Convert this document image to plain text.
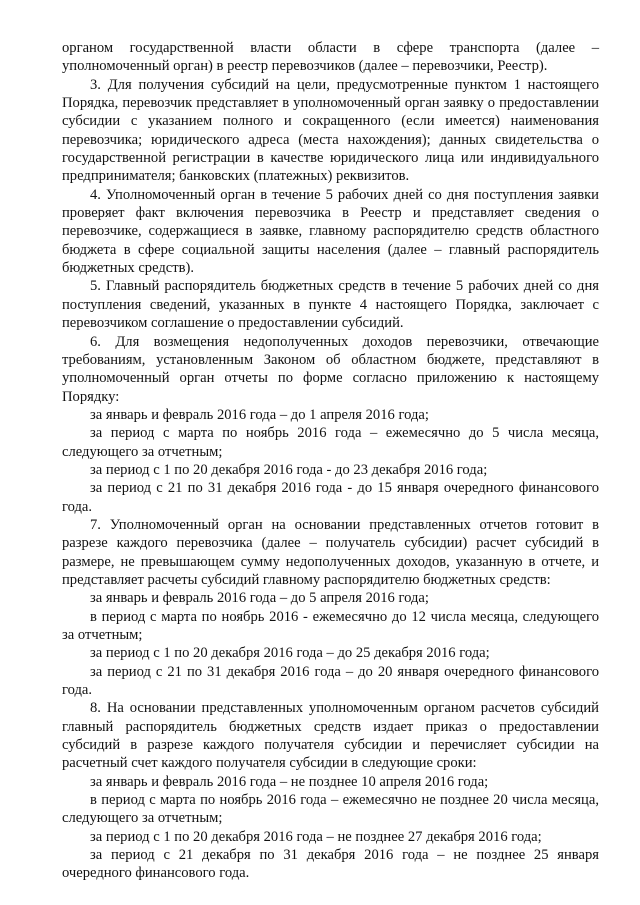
органом государственной власти области в сфере транспорта (далее – уполномоченный орган) в реестр перевозчиков (далее – перевозчики, Реестр).

3. Для получения субсидий на цели, предусмотренные пунктом 1 настоящего Порядка, перевозчик представляет в уполномоченный орган заявку о предоставлении субсидии с указанием полного и сокращенного (если имеется) наименования перевозчика; юридического адреса (места нахождения); данных свидетельства о государственной регистрации в качестве юридического лица или индивидуального предпринимателя; банковских (платежных) реквизитов.

4. Уполномоченный орган в течение 5 рабочих дней со дня поступления заявки проверяет факт включения перевозчика в Реестр и представляет сведения о перевозчике, содержащиеся в заявке, главному распорядителю средств областного бюджета в сфере социальной защиты населения (далее – главный распорядитель бюджетных средств).

5. Главный распорядитель бюджетных средств в течение 5 рабочих дней со дня поступления сведений, указанных в пункте 4 настоящего Порядка, заключает с перевозчиком соглашение о предоставлении субсидий.

6. Для возмещения недополученных доходов перевозчики, отвечающие требованиям, установленным Законом об областном бюджете, представляют в уполномоченный орган отчеты по форме согласно приложению к настоящему Порядку:

за январь и февраль 2016 года – до 1 апреля 2016 года;

за период с марта по ноябрь 2016 года – ежемесячно до 5 числа месяца, следующего за отчетным;

за период с 1 по 20 декабря 2016 года - до 23 декабря 2016 года;

за период с 21 по 31 декабря 2016 года - до 15 января очередного финансового года.

7. Уполномоченный орган на основании представленных отчетов готовит в разрезе каждого перевозчика (далее – получатель субсидии) расчет субсидий в размере, не превышающем сумму недополученных доходов, указанную в отчете, и представляет расчеты субсидий главному распорядителю бюджетных средств:

за январь и февраль 2016 года – до 5 апреля 2016 года;

в период с марта по ноябрь 2016 - ежемесячно до 12 числа месяца, следующего за отчетным;

за период с 1 по 20 декабря 2016 года – до 25 декабря 2016 года;

за период с 21 по 31 декабря 2016 года – до 20 января очередного финансового года.

8. На основании представленных уполномоченным органом расчетов субсидий главный распорядитель бюджетных средств издает приказ о предоставлении субсидий в разрезе каждого получателя субсидии и перечисляет субсидии на расчетный счет каждого получателя субсидии в следующие сроки:

за январь и февраль 2016 года – не позднее 10 апреля 2016 года;

в период с марта по ноябрь 2016 года – ежемесячно не позднее 20 числа месяца, следующего за отчетным;

за период с 1 по 20 декабря 2016 года – не позднее 27 декабря 2016 года;

за период с 21 декабря по 31 декабря 2016 года – не позднее 25 января очередного финансового года.
